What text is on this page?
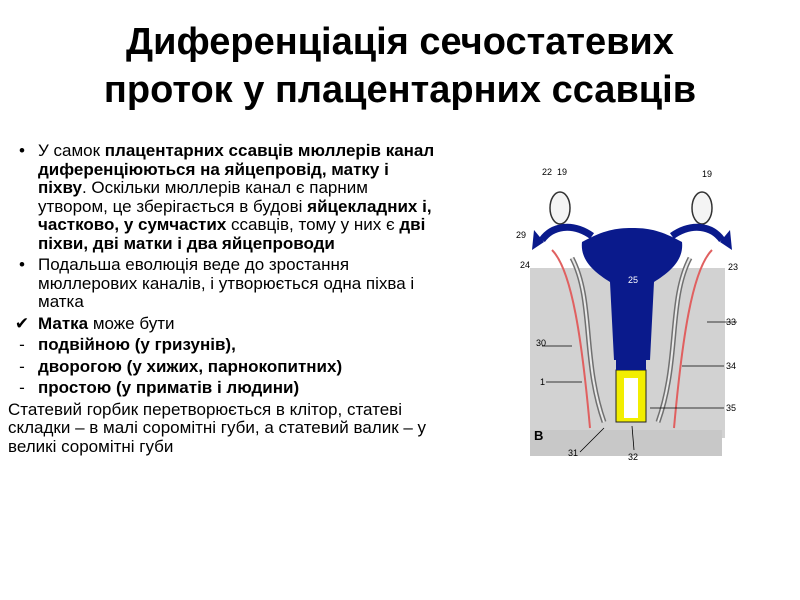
Диференціація сечостатевих
проток у плацентарних ссавців
• У самок плацентарних ссавців мюллерів канал диференціюються на яйцепровід, матку і піхву. Оскільки мюллерів канал є парним утвором, це зберігається в будові яйцекладних і, частково, у сумчастих ссавців, тому у них є дві піхви, дві матки і два яйцепроводи
• Подальша еволюція веде до зростання мюллерових каналів, і утворюється одна піхва і матка
✔ Матка може бути
- подвійною (у гризунів),
- дворогою (у хижих, парнокопитних)
- простою (у приматів і людини)
Статевий горбик перетворюється в клітор, статеві складки – в малі соромітні губи, а статевий валик – у великі соромітні губи
22 19	19
29
24
25
23
33
30
34
1
35
В
31	32
